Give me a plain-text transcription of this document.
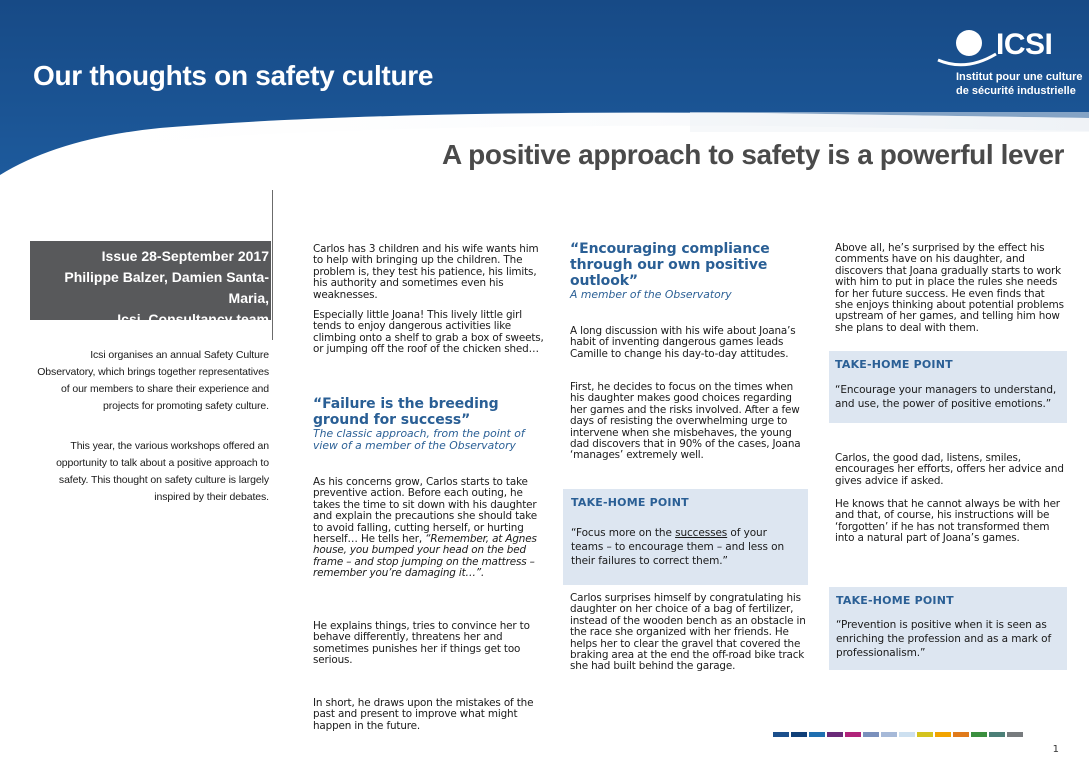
Our thoughts on safety culture
ICSI
Institut pour une culture
de sécurité industrielle
A positive approach to safety is a powerful lever
Issue 28-September 2017
Philippe Balzer, Damien Santa-Maria,
Icsi, Consultancy team
Icsi organises an annual Safety Culture Observatory, which brings together representatives of our members to share their experience and projects for promoting safety culture.
This year, the various workshops offered an opportunity to talk about a positive approach to safety. This thought on safety culture is largely inspired by their debates.

Carlos has 3 children and his wife wants him to help with bringing up the children. The problem is, they test his patience, his limits, his authority and sometimes even his weaknesses.

Especially little Joana! This lively little girl tends to enjoy dangerous activities like climbing onto a shelf to grab a box of sweets, or jumping off the roof of the chicken shed…

“Failure is the breeding ground for success”
The classic approach, from the point of view of a member of the Observatory

As his concerns grow, Carlos starts to take preventive action. Before each outing, he takes the time to sit down with his daughter and explain the precautions she should take to avoid falling, cutting herself, or hurting herself… He tells her, “Remember, at Agnes house, you bumped your head on the bed frame – and stop jumping on the mattress – remember you’re damaging it…”.

He explains things, tries to convince her to behave differently, threatens her and sometimes punishes her if things get too serious.

In short, he draws upon the mistakes of the past and present to improve what might happen in the future.

“Encouraging compliance through our own positive outlook”
A member of the Observatory

A long discussion with his wife about Joana’s habit of inventing dangerous games leads Camille to change his day-to-day attitudes.

First, he decides to focus on the times when his daughter makes good choices regarding her games and the risks involved. After a few days of resisting the overwhelming urge to intervene when she misbehaves, the young dad discovers that in 90% of the cases, Joana ‘manages’ extremely well.

TAKE-HOME POINT
“Focus more on the successes of your teams – to encourage them – and less on their failures to correct them.”

Carlos surprises himself by congratulating his daughter on her choice of a bag of fertilizer, instead of the wooden bench as an obstacle in the race she organized with her friends. He helps her to clear the gravel that covered the braking area at the end the off-road bike track she had built behind the garage.

Above all, he’s surprised by the effect his comments have on his daughter, and discovers that Joana gradually starts to work with him to put in place the rules she needs for her future success. He even finds that she enjoys thinking about potential problems upstream of her games, and telling him how she plans to deal with them.

TAKE-HOME POINT
“Encourage your managers to understand, and use, the power of positive emotions.”

Carlos, the good dad, listens, smiles, encourages her efforts, offers her advice and gives advice if asked.

He knows that he cannot always be with her and that, of course, his instructions will be ‘forgotten’ if he has not transformed them into a natural part of Joana’s games.

TAKE-HOME POINT
“Prevention is positive when it is seen as enriching the profession and as a mark of professionalism.”
1
